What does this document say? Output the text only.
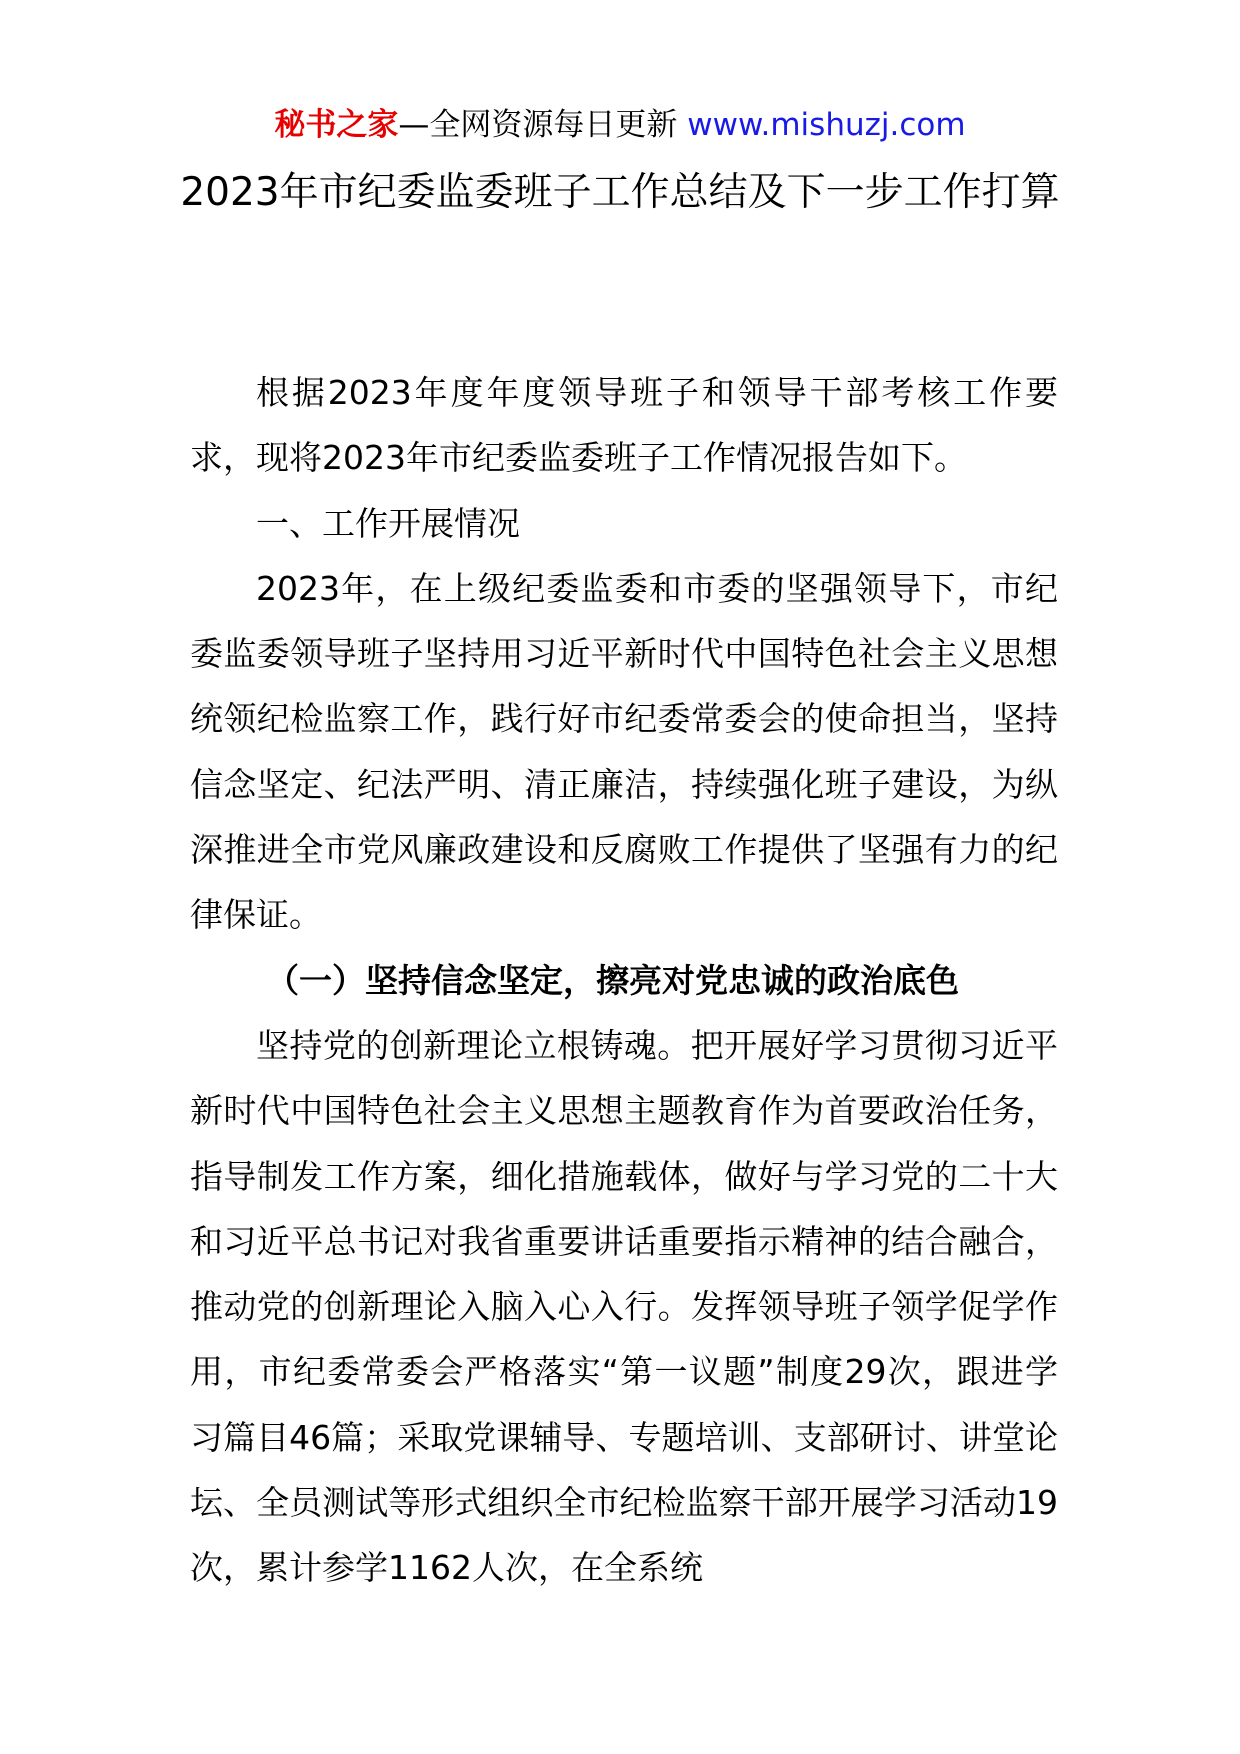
秘书之家—全网资源每日更新 www.mishuzj.com
2023年市纪委监委班子工作总结及下一步工作打算

根据2023年度年度领导班子和领导干部考核工作要求，现将2023年市纪委监委班子工作情况报告如下。

一、工作开展情况

2023年，在上级纪委监委和市委的坚强领导下，市纪委监委领导班子坚持用习近平新时代中国特色社会主义思想统领纪检监察工作，践行好市纪委常委会的使命担当，坚持信念坚定、纪法严明、清正廉洁，持续强化班子建设，为纵深推进全市党风廉政建设和反腐败工作提供了坚强有力的纪律保证。

（一）坚持信念坚定，擦亮对党忠诚的政治底色

坚持党的创新理论立根铸魂。把开展好学习贯彻习近平新时代中国特色社会主义思想主题教育作为首要政治任务，指导制发工作方案，细化措施载体，做好与学习党的二十大和习近平总书记对我省重要讲话重要指示精神的结合融合，推动党的创新理论入脑入心入行。发挥领导班子领学促学作用，市纪委常委会严格落实“第一议题”制度29次，跟进学习篇目46篇；采取党课辅导、专题培训、支部研讨、讲堂论坛、全员测试等形式组织全市纪检监察干部开展学习活动19次，累计参学1162人次，在全系统
